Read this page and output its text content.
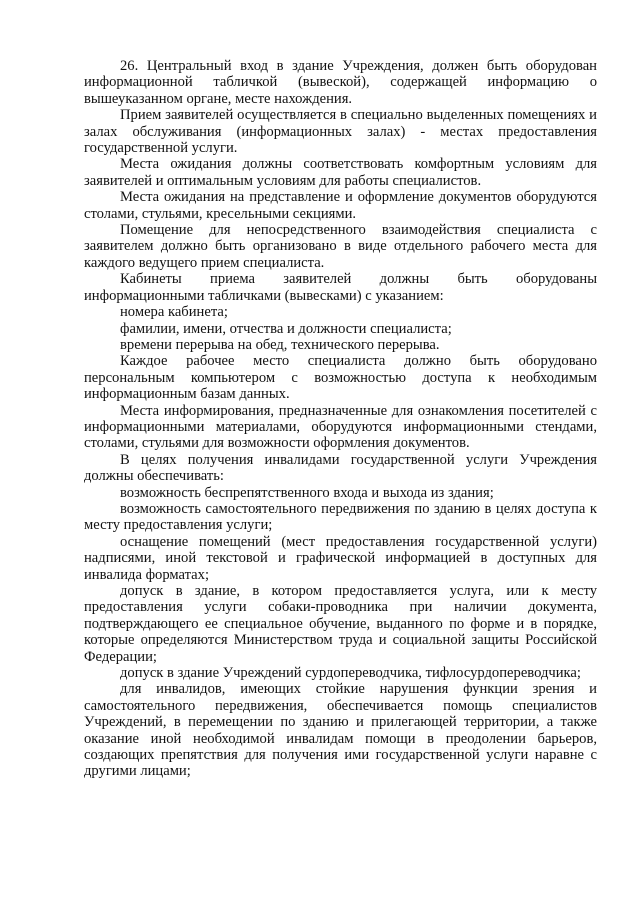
26. Центральный вход в здание Учреждения, должен быть оборудован информационной табличкой (вывеской), содержащей информацию о вышеуказанном органе, месте нахождения.

Прием заявителей осуществляется в специально выделенных помещениях и залах обслуживания (информационных залах) - местах предоставления государственной услуги.

Места ожидания должны соответствовать комфортным условиям для заявителей и оптимальным условиям для работы специалистов.

Места ожидания на представление и оформление документов оборудуются столами, стульями, кресельными секциями.

Помещение для непосредственного взаимодействия специалиста с заявителем должно быть организовано в виде отдельного рабочего места для каждого ведущего прием специалиста.

Кабинеты приема заявителей должны быть оборудованы информационными табличками (вывесками) с указанием:

номера кабинета;

фамилии, имени, отчества и должности специалиста;

времени перерыва на обед, технического перерыва.

Каждое рабочее место специалиста должно быть оборудовано персональным компьютером с возможностью доступа к необходимым информационным базам данных.

Места информирования, предназначенные для ознакомления посетителей с информационными материалами, оборудуются информационными стендами, столами, стульями для возможности оформления документов.

В целях получения инвалидами государственной услуги Учреждения должны обеспечивать:

возможность беспрепятственного входа и выхода из здания;

возможность самостоятельного передвижения по зданию в целях доступа к месту предоставления услуги;

оснащение помещений (мест предоставления государственной услуги) надписями, иной текстовой и графической информацией в доступных для инвалида форматах;

допуск в здание, в котором предоставляется услуга, или к месту предоставления услуги собаки-проводника при наличии документа, подтверждающего ее специальное обучение, выданного по форме и в порядке, которые определяются Министерством труда и социальной защиты Российской Федерации;

допуск в здание Учреждений сурдопереводчика, тифлосурдопереводчика;

для инвалидов, имеющих стойкие нарушения функции зрения и самостоятельного передвижения, обеспечивается помощь специалистов Учреждений, в перемещении по зданию и прилегающей территории, а также оказание иной необходимой инвалидам помощи в преодолении барьеров, создающих препятствия для получения ими государственной услуги наравне с другими лицами;
